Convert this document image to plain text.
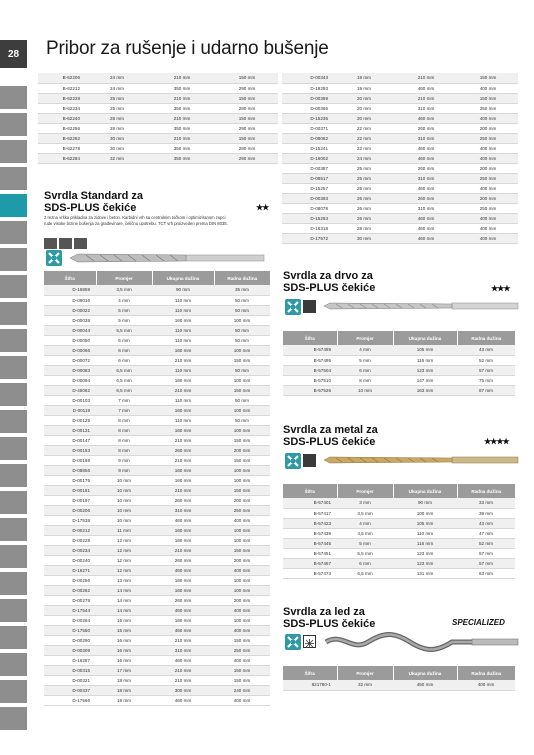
28	Pribor za rušenje i udarno bušenje
B-62206	24 mm	210 mm	150 mm
B-62212	24 mm	350 mm	290 mm
B-62228	25 mm	210 mm	150 mm
B-62234	25 mm	350 mm	290 mm
B-62240	28 mm	210 mm	150 mm
B-62256	28 mm	350 mm	290 mm
B-62262	30 mm	210 mm	150 mm
B-62278	30 mm	350 mm	290 mm
B-62284	32 mm	350 mm	290 mm
D-00343	19 mm	210 mm	150 mm
D-19293	19 mm	460 mm	400 mm
D-00359	20 mm	210 mm	150 mm
D-00365	20 mm	310 mm	250 mm
D-15235	20 mm	460 mm	400 mm
D-00371	22 mm	260 mm	200 mm
D-08062	22 mm	310 mm	250 mm
D-15241	22 mm	460 mm	400 mm
D-16002	24 mm	460 mm	400 mm
D-00387	25 mm	260 mm	200 mm
D-08517	25 mm	310 mm	250 mm
D-15257	25 mm	460 mm	400 mm
D-00393	26 mm	260 mm	200 mm
D-08078	26 mm	310 mm	250 mm
D-15263	26 mm	460 mm	400 mm
D-16318	28 mm	460 mm	400 mm
D-17572	30 mm	460 mm	400 mm
Svrdla Standard za
SDS-PLUS čekiće	★★
2 rezna vrška prikladna za zidove i beton. Karbidni vrh sa centralnim točkom i optimiziranom zupci rude visoke brzine bušenja za građevinare, čeličnu upotrebu. TCT vrh proizveden prema DIN 8035.
Šifra	Promjer	Ukupna dužina	Radna dužina
D-16859	3,5 mm	90 mm	35 mm
D-09016	4 mm	110 mm	50 mm
D-00022	5 mm	110 mm	50 mm
D-00038	5 mm	160 mm	100 mm
D-00044	5,5 mm	110 mm	50 mm
D-00050	6 mm	110 mm	50 mm
D-00066	6 mm	160 mm	100 mm
D-00072	6 mm	210 mm	150 mm
D-00083	6,5 mm	110 mm	50 mm
D-00094	6,5 mm	160 mm	100 mm
D-45062	6,5 mm	210 mm	150 mm
D-00103	7 mm	110 mm	50 mm
D-00119	7 mm	160 mm	100 mm
D-00125	8 mm	110 mm	50 mm
D-00131	8 mm	160 mm	100 mm
D-00147	8 mm	210 mm	150 mm
D-00153	8 mm	260 mm	200 mm
D-00169	9 mm	210 mm	150 mm
D-08856	9 mm	160 mm	100 mm
D-00175	10 mm	160 mm	100 mm
D-00181	10 mm	210 mm	150 mm
D-00197	10 mm	260 mm	200 mm
D-00206	10 mm	310 mm	250 mm
D-17538	10 mm	460 mm	400 mm
D-00212	11 mm	160 mm	100 mm
D-00228	12 mm	160 mm	100 mm
D-00234	12 mm	210 mm	150 mm
D-00240	12 mm	260 mm	200 mm
D-16271	12 mm	460 mm	400 mm
D-00256	13 mm	160 mm	100 mm
D-00262	14 mm	160 mm	100 mm
D-00278	14 mm	260 mm	200 mm
D-17544	14 mm	460 mm	400 mm
D-00284	15 mm	160 mm	100 mm
D-17550	15 mm	460 mm	400 mm
D-00290	16 mm	210 mm	150 mm
D-00309	16 mm	310 mm	250 mm
D-16287	16 mm	460 mm	400 mm
D-00315	17 mm	210 mm	150 mm
D-00321	18 mm	210 mm	150 mm
D-00337	18 mm	300 mm	240 mm
D-17566	18 mm	460 mm	400 mm
Svrdla za drvo za
SDS-PLUS čekiće	★★★
Šifra	Promjer	Ukupna dužina	Radna dužina
B-57489	4 mm	105 mm	43 mm
B-57495	5 mm	116 mm	52 mm
B-57504	6 mm	123 mm	57 mm
B-57510	8 mm	147 mm	75 mm
B-57526	10 mm	163 mm	87 mm
Svrdla za metal za
SDS-PLUS čekiće	★★★★
Šifra	Promjer	Ukupna dužina	Radna dužina
B-57401	3 mm	90 mm	33 mm
B-57417	3,5 mm	100 mm	39 mm
B-57423	4 mm	105 mm	43 mm
B-57439	4,5 mm	110 mm	47 mm
B-57445	5 mm	116 mm	52 mm
B-57451	5,5 mm	123 mm	57 mm
B-57467	6 mm	123 mm	57 mm
B-57473	6,5 mm	131 mm	63 mm
Svrdla za led za
SDS-PLUS čekiće	SPECIALIZED
Šifra	Promjer	Ukupna dužina	Radna dužina
821780-1	32 mm	450 mm	400 mm
